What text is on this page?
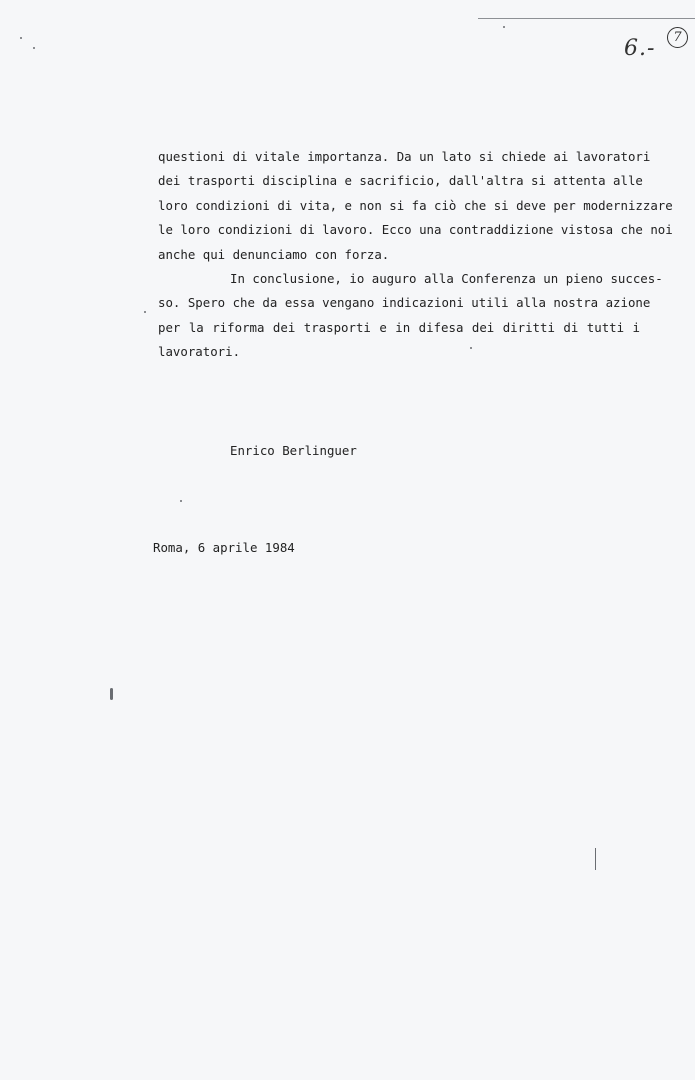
6.-	7
questioni di vitale importanza. Da un lato si chiede ai lavoratori
dei trasporti disciplina e sacrificio, dall'altra si attenta alle
loro condizioni di vita, e non si fa ciò che si deve per modernizzare
le loro condizioni di lavoro. Ecco una contraddizione vistosa che noi
anche qui denunciamo con forza.
In conclusione, io auguro alla Conferenza un pieno succes-
so. Spero che da essa vengano indicazioni utili alla nostra azione
per la riforma dei trasporti e in difesa dei diritti di tutti i
lavoratori.
Enrico Berlinguer
Roma, 6 aprile 1984
